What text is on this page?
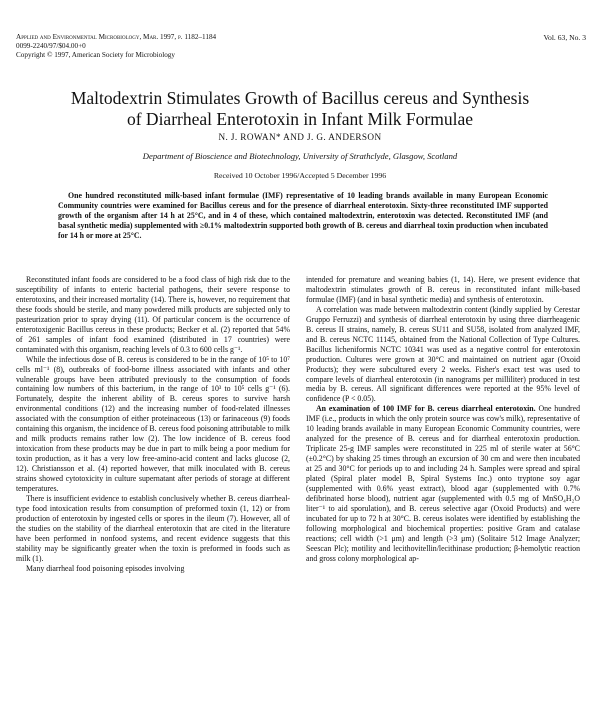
Applied and Environmental Microbiology, Mar. 1997, p. 1182–1184
0099-2240/97/$04.00+0
Copyright © 1997, American Society for Microbiology
Vol. 63, No. 3
Maltodextrin Stimulates Growth of Bacillus cereus and Synthesis
of Diarrheal Enterotoxin in Infant Milk Formulae
N. J. ROWAN* AND J. G. ANDERSON
Department of Bioscience and Biotechnology, University of Strathclyde, Glasgow, Scotland
Received 10 October 1996/Accepted 5 December 1996

One hundred reconstituted milk-based infant formulae (IMF) representative of 10 leading brands available in many European Economic Community countries were examined for Bacillus cereus and for the presence of diarrheal enterotoxin. Sixty-three reconstituted IMF supported growth of the organism after 14 h at 25°C, and in 4 of these, which contained maltodextrin, enterotoxin was detected. Reconstituted IMF (and basal synthetic media) supplemented with ≥0.1% maltodextrin supported both growth of B. cereus and diarrheal toxin production when incubated for 14 h or more at 25°C.

Reconstituted infant foods are considered to be a food class of high risk due to the susceptibility of infants to enteric bacterial pathogens, their severe response to enterotoxins, and their increased mortality (14). There is, however, no requirement that these foods should be sterile, and many powdered milk products are subjected only to pasteurization prior to spray drying (11). Of particular concern is the occurrence of enterotoxigenic Bacillus cereus in these products; Becker et al. (2) reported that 54% of 261 samples of infant food examined (distributed in 17 countries) were contaminated with this organism, reaching levels of 0.3 to 600 cells g⁻¹.

While the infectious dose of B. cereus is considered to be in the range of 10⁵ to 10⁷ cells ml⁻¹ (8), outbreaks of food-borne illness associated with infants and other vulnerable groups have been attributed previously to the consumption of foods containing low numbers of this bacterium, in the range of 10³ to 10⁵ cells g⁻¹ (6). Fortunately, despite the inherent ability of B. cereus spores to survive harsh environmental conditions (12) and the increasing number of food-related illnesses associated with the consumption of either proteinaceous (13) or farinaceous (9) foods containing this organism, the incidence of B. cereus food poisoning attributable to milk and milk products remains rather low (2). The low incidence of B. cereus food intoxication from these products may be due in part to milk being a poor medium for toxin production, as it has a very low free-amino-acid content and lacks glucose (2, 12). Christiansson et al. (4) reported however, that milk inoculated with B. cereus strains showed cytotoxicity in culture supernatant after periods of storage at different temperatures.

There is insufficient evidence to establish conclusively whether B. cereus diarrheal-type food intoxication results from consumption of preformed toxin (1, 12) or from production of enterotoxin by ingested cells or spores in the ileum (7). However, all of the studies on the stability of the diarrheal enterotoxin that are cited in the literature have been performed in nonfood systems, and recent evidence suggests that this stability may be significantly greater when the toxin is preformed in foods such as milk (1).

Many diarrheal food poisoning episodes involving

intended for premature and weaning babies (1, 14). Here, we present evidence that maltodextrin stimulates growth of B. cereus in reconstituted infant milk-based formulae (IMF) (and in basal synthetic media) and synthesis of enterotoxin.

A correlation was made between maltodextrin content (kindly supplied by Cerestar Gruppo Ferruzzi) and synthesis of diarrheal enterotoxin by using three diarrheagenic B. cereus II strains, namely, B. cereus SU11 and SU58, isolated from analyzed IMF, and B. cereus NCTC 11145, obtained from the National Collection of Type Cultures. Bacillus licheniformis NCTC 10341 was used as a negative control for enterotoxin production. Cultures were grown at 30°C and maintained on nutrient agar (Oxoid Products); they were subcultured every 2 weeks. Fisher's exact test was used to compare levels of diarrheal enterotoxin (in nanograms per milliliter) produced in test media by B. cereus. All significant differences were reported at the 95% level of confidence (P < 0.05).

An examination of 100 IMF for B. cereus diarrheal enterotoxin. One hundred IMF (i.e., products in which the only protein source was cow's milk), representative of 10 leading brands available in many European Economic Community countries, were analyzed for the presence of B. cereus and for diarrheal enterotoxin production. Triplicate 25-g IMF samples were reconstituted in 225 ml of sterile water at 56°C (±0.2°C) by shaking 25 times through an excursion of 30 cm and were then incubated at 25 and 30°C for periods up to and including 24 h. Samples were spread and spiral plated (Spiral plater model B, Spiral Systems Inc.) onto tryptone soy agar (supplemented with 0.6% yeast extract), blood agar (supplemented with 0.7% defibrinated horse blood), nutrient agar (supplemented with 0.5 mg of MnSO₄H₂O liter⁻¹ to aid sporulation), and B. cereus selective agar (Oxoid Products) and were incubated for up to 72 h at 30°C. B. cereus isolates were identified by establishing the following morphological and biochemical properties: positive Gram and catalase reactions; cell width (>1 μm) and length (>3 μm) (Solitaire 512 Image Analyzer; Seescan Plc); motility and lecithovitellin/lecithinase production; β-hemolytic reaction and gross colony morphological ap-
